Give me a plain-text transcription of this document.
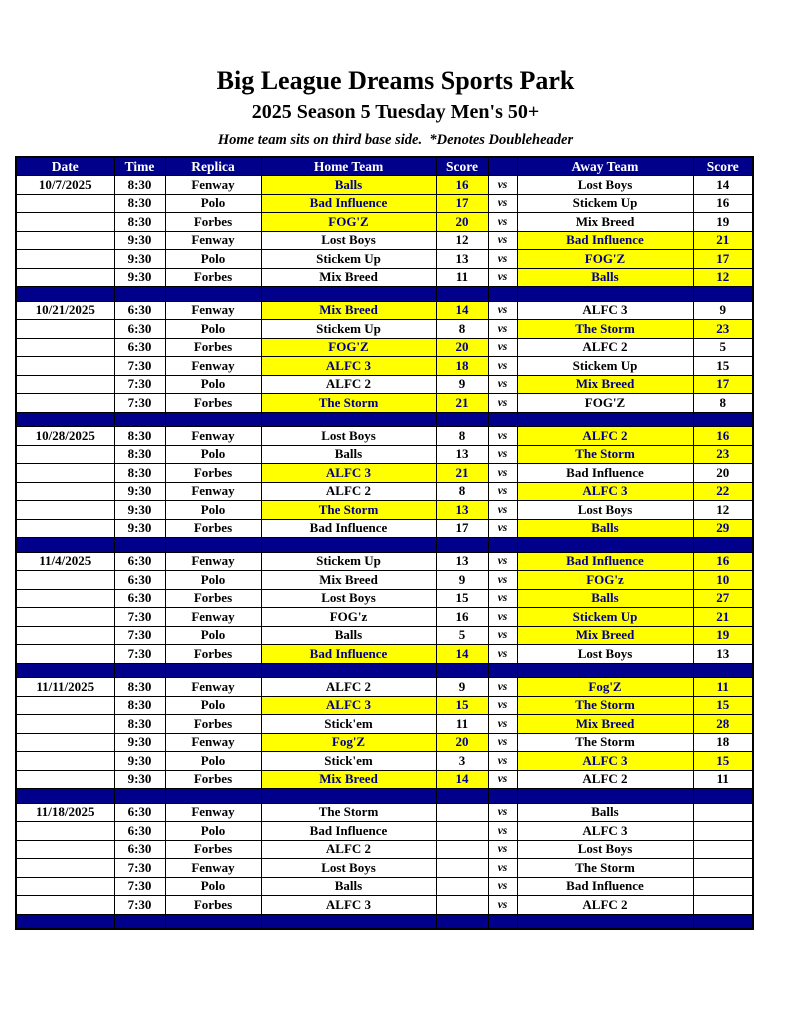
Big League Dreams Sports Park
2025 Season 5 Tuesday Men's 50+
Home team sits on third base side.  *Denotes Doubleheader
Date	Time	Replica	Home Team	Score		Away Team	Score
10/7/2025	8:30	Fenway	Balls	16	vs	Lost Boys	14
	8:30	Polo	Bad Influence	17	vs	Stickem Up	16
	8:30	Forbes	FOG'Z	20	vs	Mix Breed	19
	9:30	Fenway	Lost Boys	12	vs	Bad Influence	21
	9:30	Polo	Stickem Up	13	vs	FOG'Z	17
	9:30	Forbes	Mix Breed	11	vs	Balls	12

10/21/2025	6:30	Fenway	Mix Breed	14	vs	ALFC 3	9
	6:30	Polo	Stickem Up	8	vs	The Storm	23
	6:30	Forbes	FOG'Z	20	vs	ALFC 2	5
	7:30	Fenway	ALFC 3	18	vs	Stickem Up	15
	7:30	Polo	ALFC 2	9	vs	Mix Breed	17
	7:30	Forbes	The Storm	21	vs	FOG'Z	8

10/28/2025	8:30	Fenway	Lost Boys	8	vs	ALFC 2	16
	8:30	Polo	Balls	13	vs	The Storm	23
	8:30	Forbes	ALFC 3	21	vs	Bad Influence	20
	9:30	Fenway	ALFC 2	8	vs	ALFC 3	22
	9:30	Polo	The Storm	13	vs	Lost Boys	12
	9:30	Forbes	Bad Influence	17	vs	Balls	29

11/4/2025	6:30	Fenway	Stickem Up	13	vs	Bad Influence	16
	6:30	Polo	Mix Breed	9	vs	FOG'z	10
	6:30	Forbes	Lost Boys	15	vs	Balls	27
	7:30	Fenway	FOG'z	16	vs	Stickem Up	21
	7:30	Polo	Balls	5	vs	Mix Breed	19
	7:30	Forbes	Bad Influence	14	vs	Lost Boys	13

11/11/2025	8:30	Fenway	ALFC 2	9	vs	Fog'Z	11
	8:30	Polo	ALFC 3	15	vs	The Storm	15
	8:30	Forbes	Stick'em	11	vs	Mix Breed	28
	9:30	Fenway	Fog'Z	20	vs	The Storm	18
	9:30	Polo	Stick'em	3	vs	ALFC 3	15
	9:30	Forbes	Mix Breed	14	vs	ALFC 2	11

11/18/2025	6:30	Fenway	The Storm		vs	Balls	
	6:30	Polo	Bad Influence		vs	ALFC 3	
	6:30	Forbes	ALFC 2		vs	Lost Boys	
	7:30	Fenway	Lost Boys		vs	The Storm	
	7:30	Polo	Balls		vs	Bad Influence	
	7:30	Forbes	ALFC 3		vs	ALFC 2	
